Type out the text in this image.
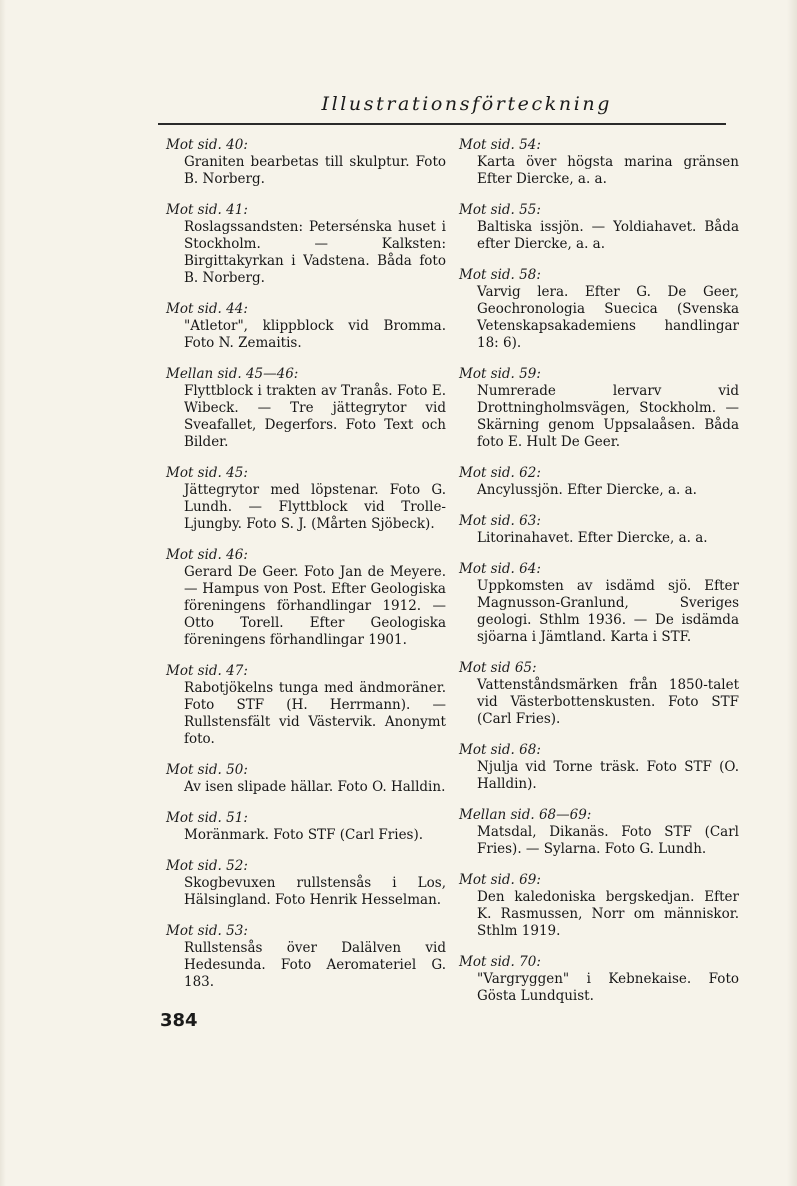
Illustrationsförteckning
Mot sid. 40:
Graniten bearbetas till skulptur. Foto B. Norberg.
Mot sid. 41:
Roslagssandsten: Petersénska huset i Stockholm. — Kalksten: Birgittakyrkan i Vadstena. Båda foto B. Norberg.
Mot sid. 44:
"Atletor", klippblock vid Bromma. Foto N. Zemaitis.
Mellan sid. 45—46:
Flyttblock i trakten av Tranås. Foto E. Wibeck. — Tre jättegrytor vid Sveafallet, Degerfors. Foto Text och Bilder.
Mot sid. 45:
Jättegrytor med löpstenar. Foto G. Lundh. — Flyttblock vid Trolle-Ljungby. Foto S. J. (Mårten Sjöbeck).
Mot sid. 46:
Gerard De Geer. Foto Jan de Meyere. — Hampus von Post. Efter Geologiska föreningens förhandlingar 1912. — Otto Torell. Efter Geologiska föreningens förhandlingar 1901.
Mot sid. 47:
Rabotjökelns tunga med ändmoräner. Foto STF (H. Herrmann). — Rullstensfält vid Västervik. Anonymt foto.
Mot sid. 50:
Av isen slipade hällar. Foto O. Halldin.
Mot sid. 51:
Moränmark. Foto STF (Carl Fries).
Mot sid. 52:
Skogbevuxen rullstensås i Los, Hälsingland. Foto Henrik Hesselman.
Mot sid. 53:
Rullstensås över Dalälven vid Hedesunda. Foto Aeromateriel G. 183.
Mot sid. 54:
Karta över högsta marina gränsen Efter Diercke, a. a.
Mot sid. 55:
Baltiska issjön. — Yoldiahavet. Båda efter Diercke, a. a.
Mot sid. 58:
Varvig lera. Efter G. De Geer, Geochronologia Suecica (Svenska Vetenskapsakademiens handlingar 18: 6).
Mot sid. 59:
Numrerade lervarv vid Drottningholmsvägen, Stockholm. — Skärning genom Uppsalaåsen. Båda foto E. Hult De Geer.
Mot sid. 62:
Ancylussjön. Efter Diercke, a. a.
Mot sid. 63:
Litorinahavet. Efter Diercke, a. a.
Mot sid. 64:
Uppkomsten av isdämd sjö. Efter Magnusson-Granlund, Sveriges geologi. Sthlm 1936. — De isdämda sjöarna i Jämtland. Karta i STF.
Mot sid 65:
Vattenståndsmärken från 1850-talet vid Västerbottenskusten. Foto STF (Carl Fries).
Mot sid. 68:
Njulja vid Torne träsk. Foto STF (O. Halldin).
Mellan sid. 68—69:
Matsdal, Dikanäs. Foto STF (Carl Fries). — Sylarna. Foto G. Lundh.
Mot sid. 69:
Den kaledoniska bergskedjan. Efter K. Rasmussen, Norr om människor. Sthlm 1919.
Mot sid. 70:
"Vargryggen" i Kebnekaise. Foto Gösta Lundquist.
384
